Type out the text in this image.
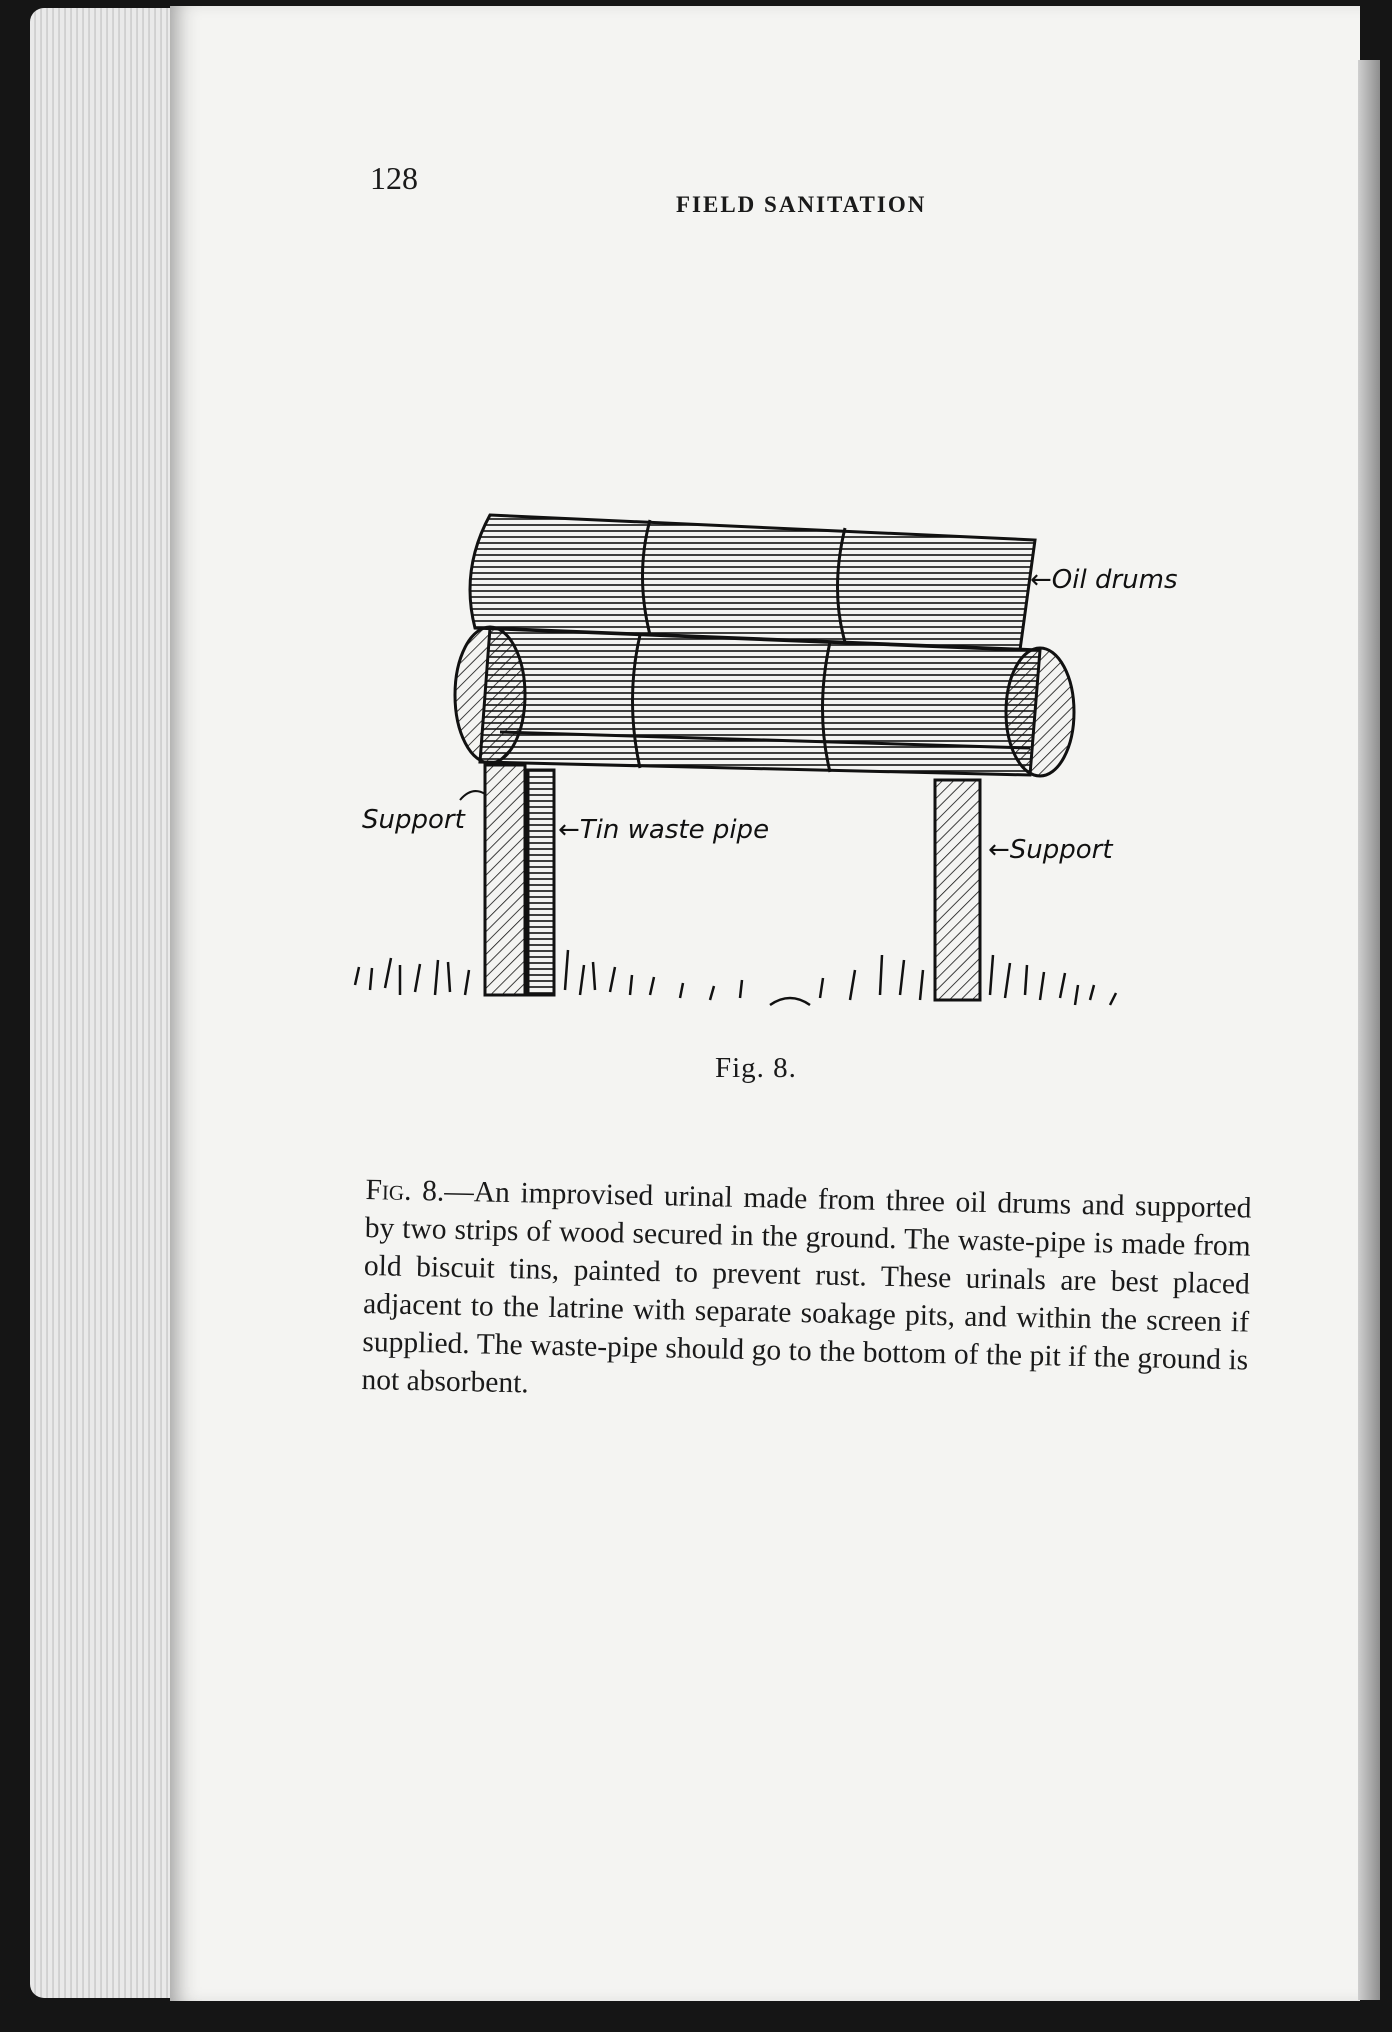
128
FIELD SANITATION
←Oil drums
Support	←Tin waste pipe
←Support
Fig. 8.

Fig. 8.—An improvised urinal made from three oil drums and supported by two strips of wood secured in the ground. The waste-pipe is made from old biscuit tins, painted to prevent rust. These urinals are best placed adjacent to the latrine with separate soakage pits, and within the screen if supplied. The waste-pipe should go to the bottom of the pit if the ground is not absorbent.
